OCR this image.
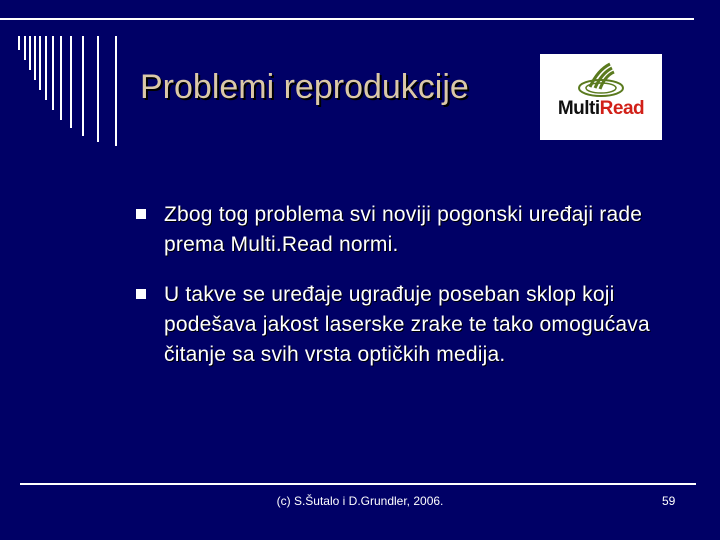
Problemi reprodukcije
MultiRead
Zbog tog problema svi noviji pogonski uređaji rade prema Multi.Read normi.
U takve se uređaje ugrađuje poseban sklop koji podešava jakost laserske zrake te tako omogućava čitanje sa svih vrsta optičkih medija.
(c) S.Šutalo i D.Grundler, 2006.	59
